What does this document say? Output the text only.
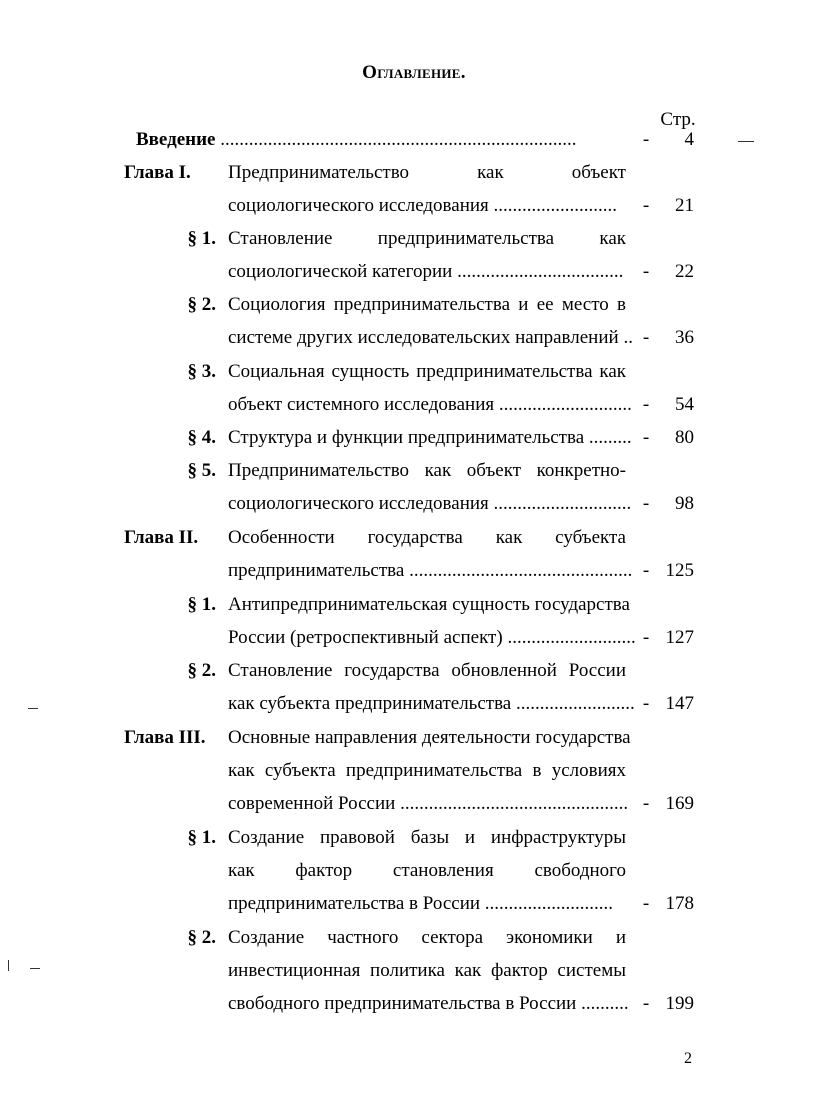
Оглавление.
Стр.
Введение ...........................................................................	-	4
Глава I.	Предпринимательство как объект
социологического исследования ..........................	-	21
§ 1. Становление предпринимательства как
социологической категории ................................... -	22
§ 2. Социология предпринимательства и ее место в
системе других исследовательских направлений .. -	36
§ 3. Социальная сущность предпринимательства как
объект системного исследования ............................ -	54
§ 4. Структура и функции предпринимательства ......... -	80
§ 5. Предпринимательство как объект конкретно-
социологического исследования ............................. -	98
Глава II.	Особенности государства как субъекта
предпринимательства ............................................... - 125
§ 1. Антипредпринимательская сущность государства
России (ретроспективный аспект) ........................... - 127
§ 2. Становление государства обновленной России
как субъекта предпринимательства ......................... - 147
Глава III.	Основные направления деятельности государства
как субъекта предпринимательства в условиях
современной России ................................................ - 169
§ 1. Создание правовой базы и инфраструктуры
как фактор становления свободного
предпринимательства в России ...........................	- 178
§ 2. Создание частного сектора экономики и
инвестиционная политика как фактор системы
свободного предпринимательства в России .......... - 199
2
